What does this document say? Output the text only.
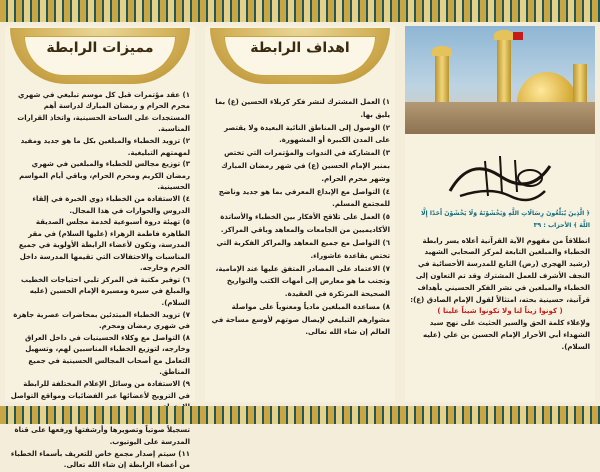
مميزات الرابطة
١) عقد مؤتمرات قبل كل موسم تبليغي في شهري محرم الحرام و رمضان المبارك لدراسة أهم المستجدات على الساحة الحسينية، واتخاذ القرارات المناسبة.
٢) تزويد الخطباء والمبلغين بكل ما هو جديد ومفيد لمهمتهم التبليغية.
٣) توزيع مجالس للخطباء والمبلغين في شهري رمضان الكريم ومحرم الحرام، وباقي أيام المواسم الحسينية.
٤) الاستفادة من الخطباء ذوي الخبرة في إلقاء الدروس والحوارات في هذا المجال.
٥) تهيئة دروة أسبوعية لخدمة مجلس الصديقة الطاهرة فاطمة الزهراء (عليها السلام) في مقر المدرسة، وتكون لأعضاء الرابطة الأولوية في جميع المناسبات والاحتفالات التي تقيمها المدرسة داخل الحرم وخارجه.
٦) توفير مكتبة في المركز تلبي احتياجات الخطيب والمبلغ في سيرة ومسيرة الإمام الحسين (عليه السلام).
٧) تزويد الخطباء المبتدئين بمحاضرات عصرية جاهزة في شهري رمضان ومحرم.
٨) التواصل مع وكلاء الحسينيات في داخل العراق وخارجه، لتوزيع الخطباء المناسبين لهم، وتسهيل التعامل مع أصحاب المجالس الحسينية في جميع المناطق.
٩) الاستفادة من وسائل الإعلام المختلفة للرابطة في الترويج لأعضائها عبر الفضائيات ومواقع التواصل
تسجيلاً صوتياً وتصويرها وأرشفتها ورفعها على قناة المدرسة على اليوتيوب.
١١) سيتم إصدار مجمع خاص للتعريف بأسماء الخطباء من أعضاء الرابطة إن شاء الله تعالى.
اهداف الرابطة
١) العمل المشترك لنشر فكر كربلاء الحسين (ع) بما يليق بها.
٢) الوصول إلى المناطق النائية البعيدة ولا يقتصر على المدن الكبيرة أو المشهورة.
٣) المشاركة في الندوات والمؤتمرات التي تختص بمنبر الإمام الحسين (ع) في شهر رمضان المبارك وشهر محرم الحرام.
٤) التواصل مع الإبداع المعرفي بما هو جديد وناضج للمجتمع المسلم.
٥) العمل على تلاقح الأفكار بين الخطباء والأساتذة الأكاديميين من الجامعات والمعاهد وباقي المراكز.
٦) التواصل مع جميع المعاهد والمراكز الفكرية التي تختص بقاعدة عاشوراء.
٧) الاعتماد على المصادر المتفق عليها عند الإمامية، وتجنب ما هو معارض إلى أمهات الكتب والتواريخ الصحيحة المرتكزة في العقيدة.
٨) مساعدة المبلغين مادياً ومعنوياً على مواصلة مشوارهم التبليغي لإيصال صوتهم لأوسع مساحة في العالم إن شاء الله تعالى.
﴿ الَّذِينَ يُبَلِّغُونَ رِسَالَاتِ اللَّهِ وَيَخْشَوْنَهُ وَلَا يَخْشَوْنَ أَحَدًا إِلَّا اللَّهَ ﴾ الأحزاب : ٣٩
انطلاقاً من مفهوم الآية القرآنية أعلاه يسر رابطة الخطباء والمبلغين التابعة لمركز الصحابي الشهيد (رشيد الهجري (رض) التابع للمدرسة الأحسائية في النجف الأشرف للعمل المشترك وقد تم التعاون إلى الخطباء والمبلغين في نشر الفكر الحسيني بأهداف قرآنية، حسينية بحته، امتثالاً لقول الإمام الصادق (ع):
( كونوا زيناً لنا ولا تكونوا شيناً علينا )
ولإعلاء كلمة الحق والسير الحثيث على نهج سيد الشهداء أبي الأحرار الإمام الحسين بن علي (عليه السلام).
